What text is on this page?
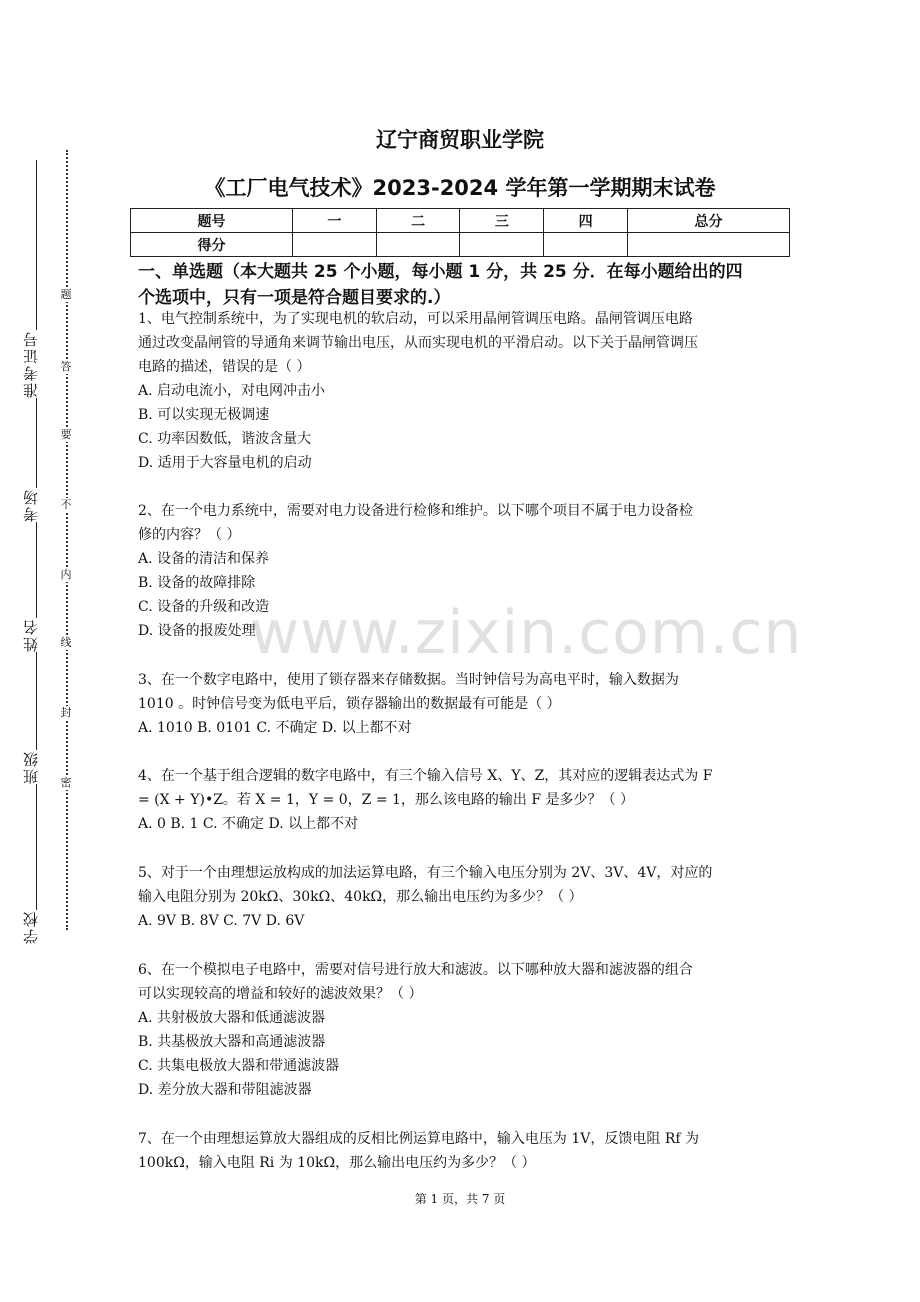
准考证号
考场
姓名
班级
学校
题
答
要
不
内
线
封
密
辽宁商贸职业学院
《工厂电气技术》2023-2024 学年第一学期期末试卷
题号	一	二	三	四	总分
得分					
一、单选题（本大题共 25 个小题，每小题 1 分，共 25 分．在每小题给出的四
个选项中，只有一项是符合题目要求的.）

1、电气控制系统中，为了实现电机的软启动，可以采用晶闸管调压电路。晶闸管调压电路

通过改变晶闸管的导通角来调节输出电压，从而实现电机的平滑启动。以下关于晶闸管调压

电路的描述，错误的是（ ）

A. 启动电流小，对电网冲击小

B. 可以实现无极调速

C. 功率因数低，谐波含量大

D. 适用于大容量电机的启动

2、在一个电力系统中，需要对电力设备进行检修和维护。以下哪个项目不属于电力设备检

修的内容？（ ）

A. 设备的清洁和保养

B. 设备的故障排除

C. 设备的升级和改造

D. 设备的报废处理

3、在一个数字电路中，使用了锁存器来存储数据。当时钟信号为高电平时，输入数据为

1010 。时钟信号变为低电平后，锁存器输出的数据最有可能是（ ）

A. 1010 B. 0101 C. 不确定 D. 以上都不对

4、在一个基于组合逻辑的数字电路中，有三个输入信号 X、Y、Z，其对应的逻辑表达式为 F

= (X + Y)•Z。若 X = 1，Y = 0，Z = 1，那么该电路的输出 F 是多少？（ ）

A. 0 B. 1 C. 不确定 D. 以上都不对

5、对于一个由理想运放构成的加法运算电路，有三个输入电压分别为 2V、3V、4V，对应的

输入电阻分别为 20kΩ、30kΩ、40kΩ，那么输出电压约为多少？（ ）

A. 9V B. 8V C. 7V D. 6V

6、在一个模拟电子电路中，需要对信号进行放大和滤波。以下哪种放大器和滤波器的组合

可以实现较高的增益和较好的滤波效果？（ ）

A. 共射极放大器和低通滤波器

B. 共基极放大器和高通滤波器

C. 共集电极放大器和带通滤波器

D. 差分放大器和带阻滤波器

7、在一个由理想运算放大器组成的反相比例运算电路中，输入电压为 1V，反馈电阻 Rf 为

100kΩ，输入电阻 Ri 为 10kΩ，那么输出电压约为多少？（ ）

www.zixin.com.cn
第 1 页，共 7 页
